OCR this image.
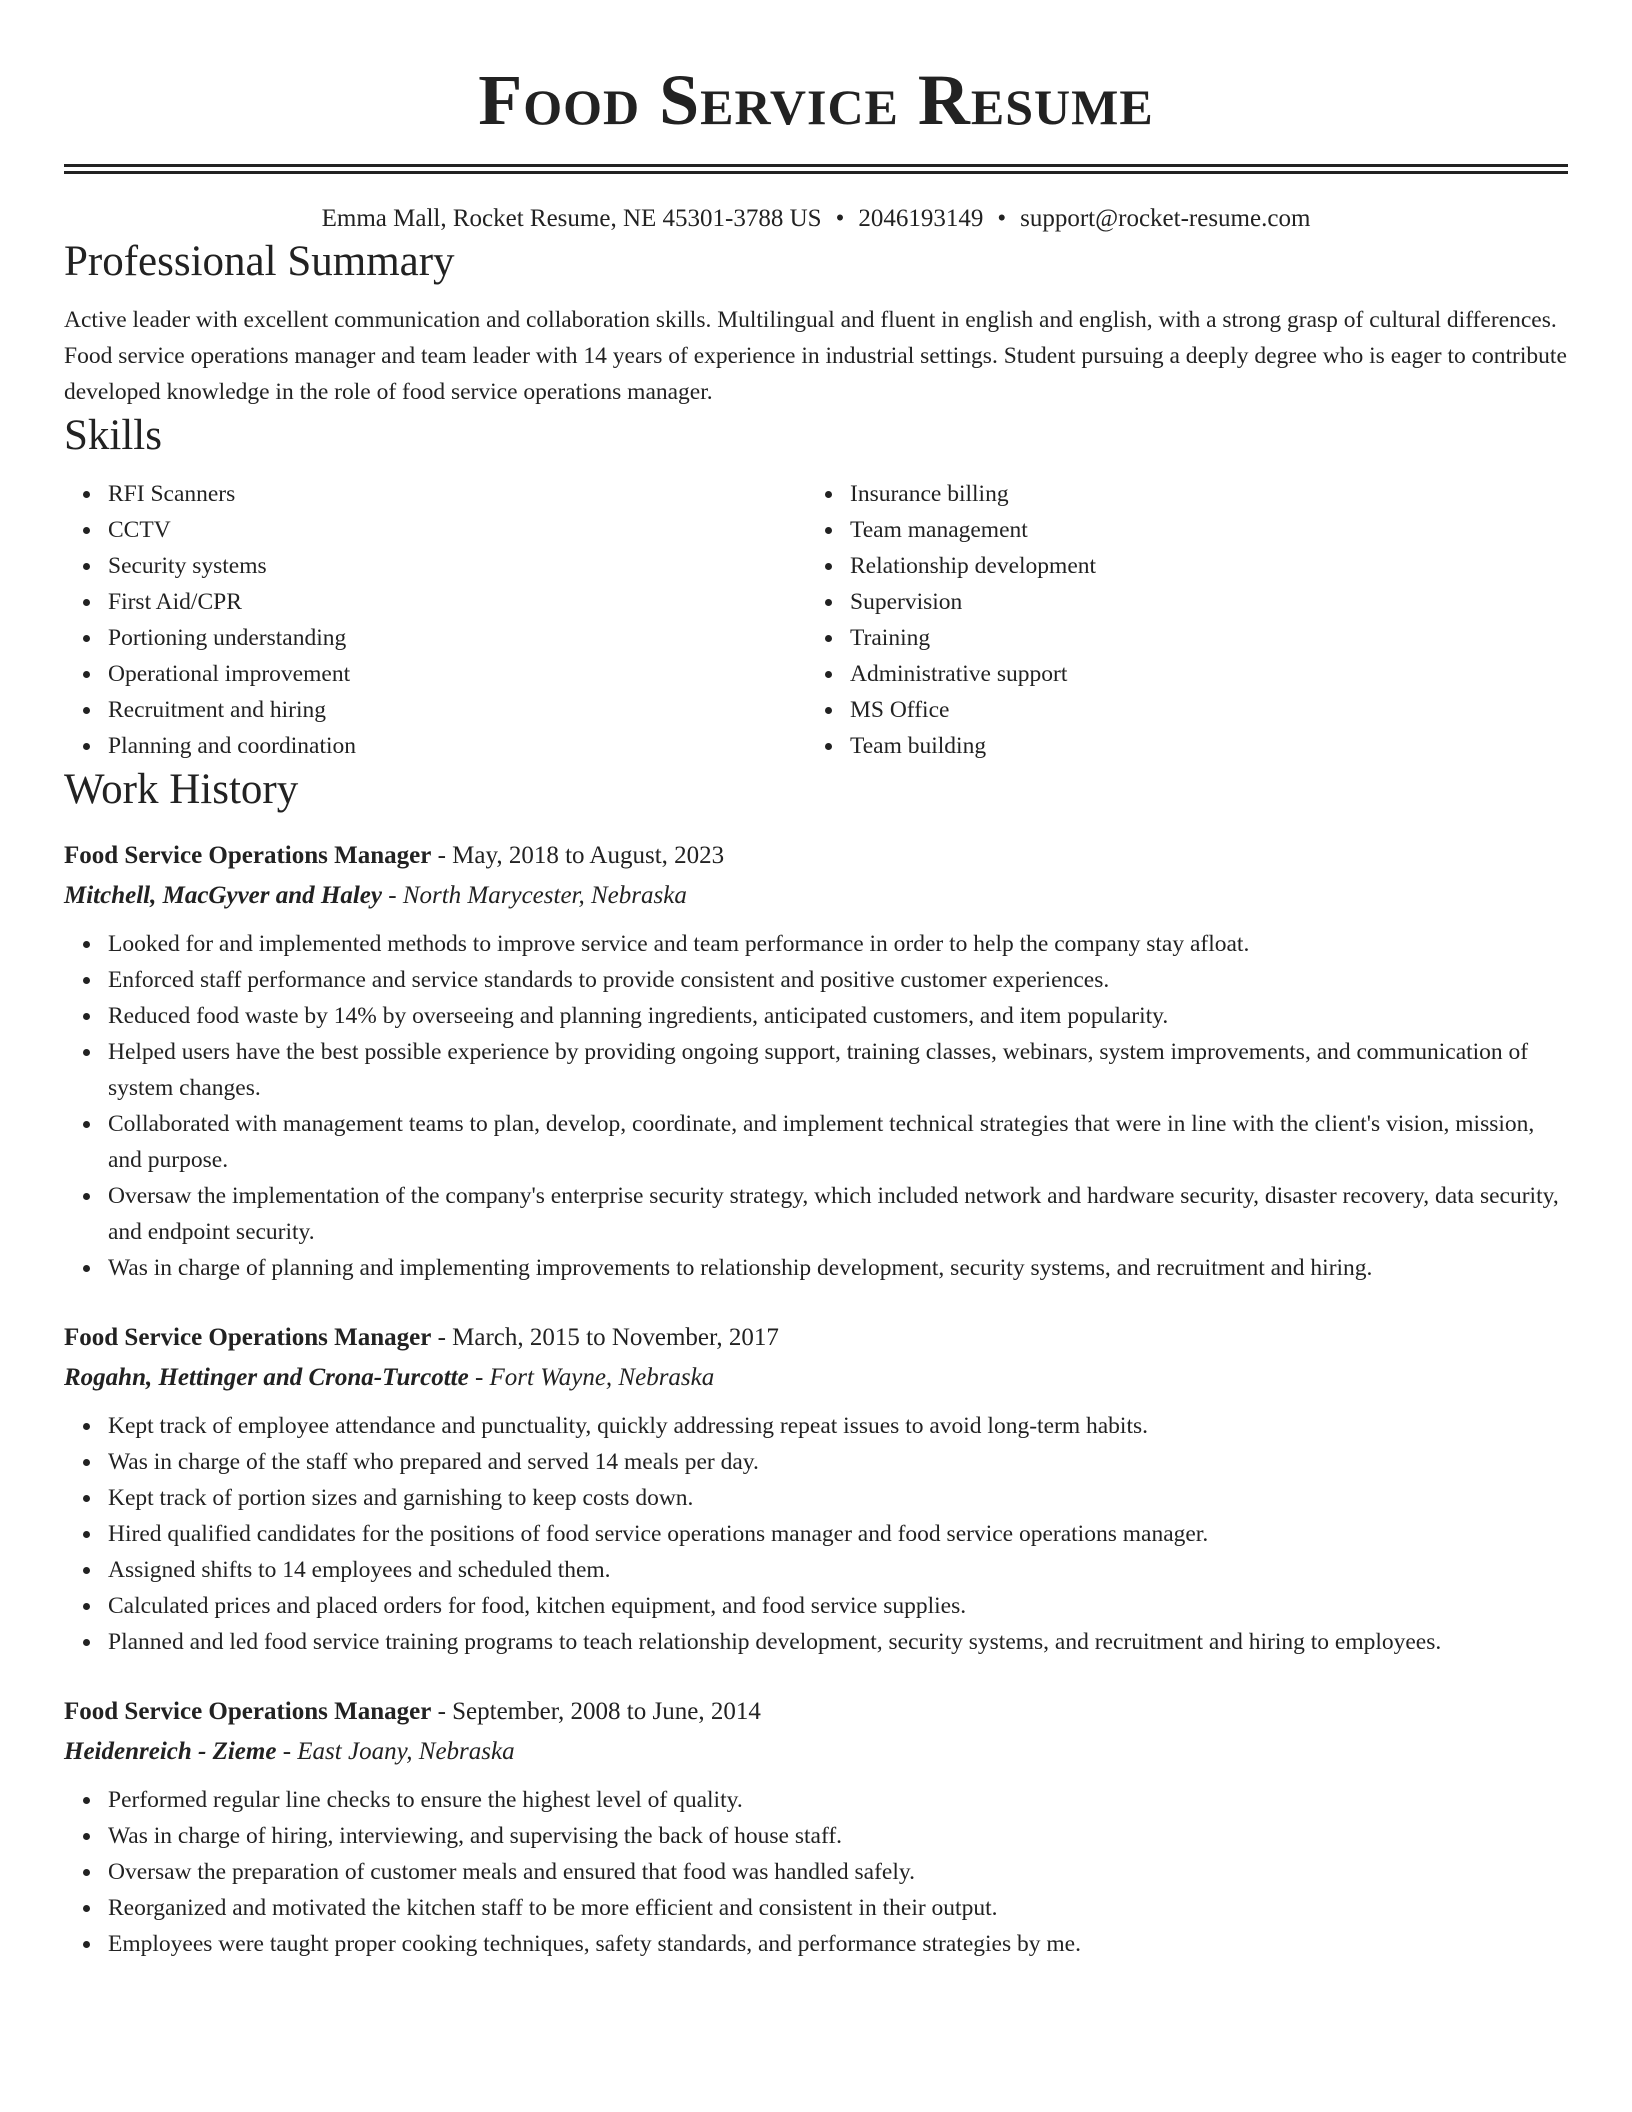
Food Service Resume
Emma Mall, Rocket Resume, NE 45301-3788 US • 2046193149 • support@rocket-resume.com
Professional Summary

Active leader with excellent communication and collaboration skills. Multilingual and fluent in english and english, with a strong grasp of cultural differences. Food service operations manager and team leader with 14 years of experience in industrial settings. Student pursuing a deeply degree who is eager to contribute developed knowledge in the role of food service operations manager.

Skills
RFI Scanners
CCTV
Security systems
First Aid/CPR
Portioning understanding
Operational improvement
Recruitment and hiring
Planning and coordination
Insurance billing
Team management
Relationship development
Supervision
Training
Administrative support
MS Office
Team building
Work History
Food Service Operations Manager - May, 2018 to August, 2023
Mitchell, MacGyver and Haley - North Marycester, Nebraska
Looked for and implemented methods to improve service and team performance in order to help the company stay afloat.
Enforced staff performance and service standards to provide consistent and positive customer experiences.
Reduced food waste by 14% by overseeing and planning ingredients, anticipated customers, and item popularity.
Helped users have the best possible experience by providing ongoing support, training classes, webinars, system improvements, and communication of system changes.
Collaborated with management teams to plan, develop, coordinate, and implement technical strategies that were in line with the client's vision, mission, and purpose.
Oversaw the implementation of the company's enterprise security strategy, which included network and hardware security, disaster recovery, data security, and endpoint security.
Was in charge of planning and implementing improvements to relationship development, security systems, and recruitment and hiring.
Food Service Operations Manager - March, 2015 to November, 2017
Rogahn, Hettinger and Crona-Turcotte - Fort Wayne, Nebraska
Kept track of employee attendance and punctuality, quickly addressing repeat issues to avoid long-term habits.
Was in charge of the staff who prepared and served 14 meals per day.
Kept track of portion sizes and garnishing to keep costs down.
Hired qualified candidates for the positions of food service operations manager and food service operations manager.
Assigned shifts to 14 employees and scheduled them.
Calculated prices and placed orders for food, kitchen equipment, and food service supplies.
Planned and led food service training programs to teach relationship development, security systems, and recruitment and hiring to employees.
Food Service Operations Manager - September, 2008 to June, 2014
Heidenreich - Zieme - East Joany, Nebraska
Performed regular line checks to ensure the highest level of quality.
Was in charge of hiring, interviewing, and supervising the back of house staff.
Oversaw the preparation of customer meals and ensured that food was handled safely.
Reorganized and motivated the kitchen staff to be more efficient and consistent in their output.
Employees were taught proper cooking techniques, safety standards, and performance strategies by me.
